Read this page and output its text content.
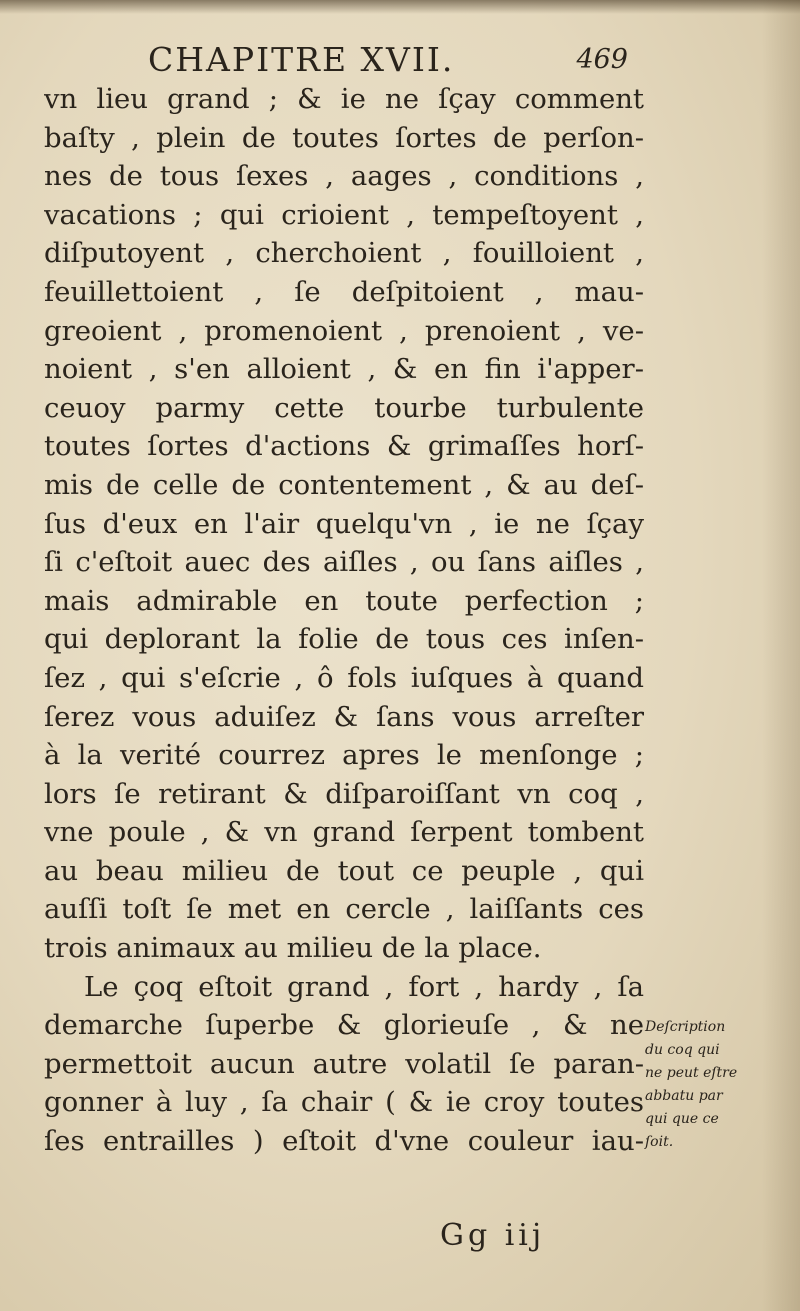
CHAPITRE XVII.	469
vn lieu grand ; & ie ne ſçay comment
baſty , plein de toutes ſortes de perſon-
nes de tous ſexes , aages , conditions ,
vacations ; qui crioient , tempeſtoyent ,
diſputoyent , cherchoient , fouilloient ,
feuillettoient , ſe deſpitoient , mau-
greoient , promenoient , prenoient , ve-
noient , s'en alloient , & en fin i'apper-
ceuoy parmy cette tourbe turbulente
toutes ſortes d'actions & grimaſſes horſ-
mis de celle de contentement , & au deſ-
ſus d'eux en l'air quelqu'vn , ie ne ſçay
ſi c'eſtoit auec des aiſles , ou ſans aiſles ,
mais admirable en toute perfection ;
qui deplorant la folie de tous ces inſen-
ſez , qui s'eſcrie , ô fols iuſques à quand
ſerez vous aduiſez & ſans vous arreſter
à la verité courrez apres le menſonge ;
lors ſe retirant & diſparoiſſant vn coq ,
vne poule , & vn grand ſerpent tombent
au beau milieu de tout ce peuple , qui
auſſi toſt ſe met en cercle , laiſſants ces
trois animaux au milieu de la place.
Le çoq eſtoit grand , fort , hardy , ſa
demarche ſuperbe & glorieuſe , & ne
permettoit aucun autre volatil ſe paran-
gonner à luy , ſa chair ( & ie croy toutes
ſes entrailles ) eſtoit d'vne couleur iau-
Deſcription
du coq qui
ne peut eſtre
abbatu par
qui que ce
ſoit.
Gg iij
